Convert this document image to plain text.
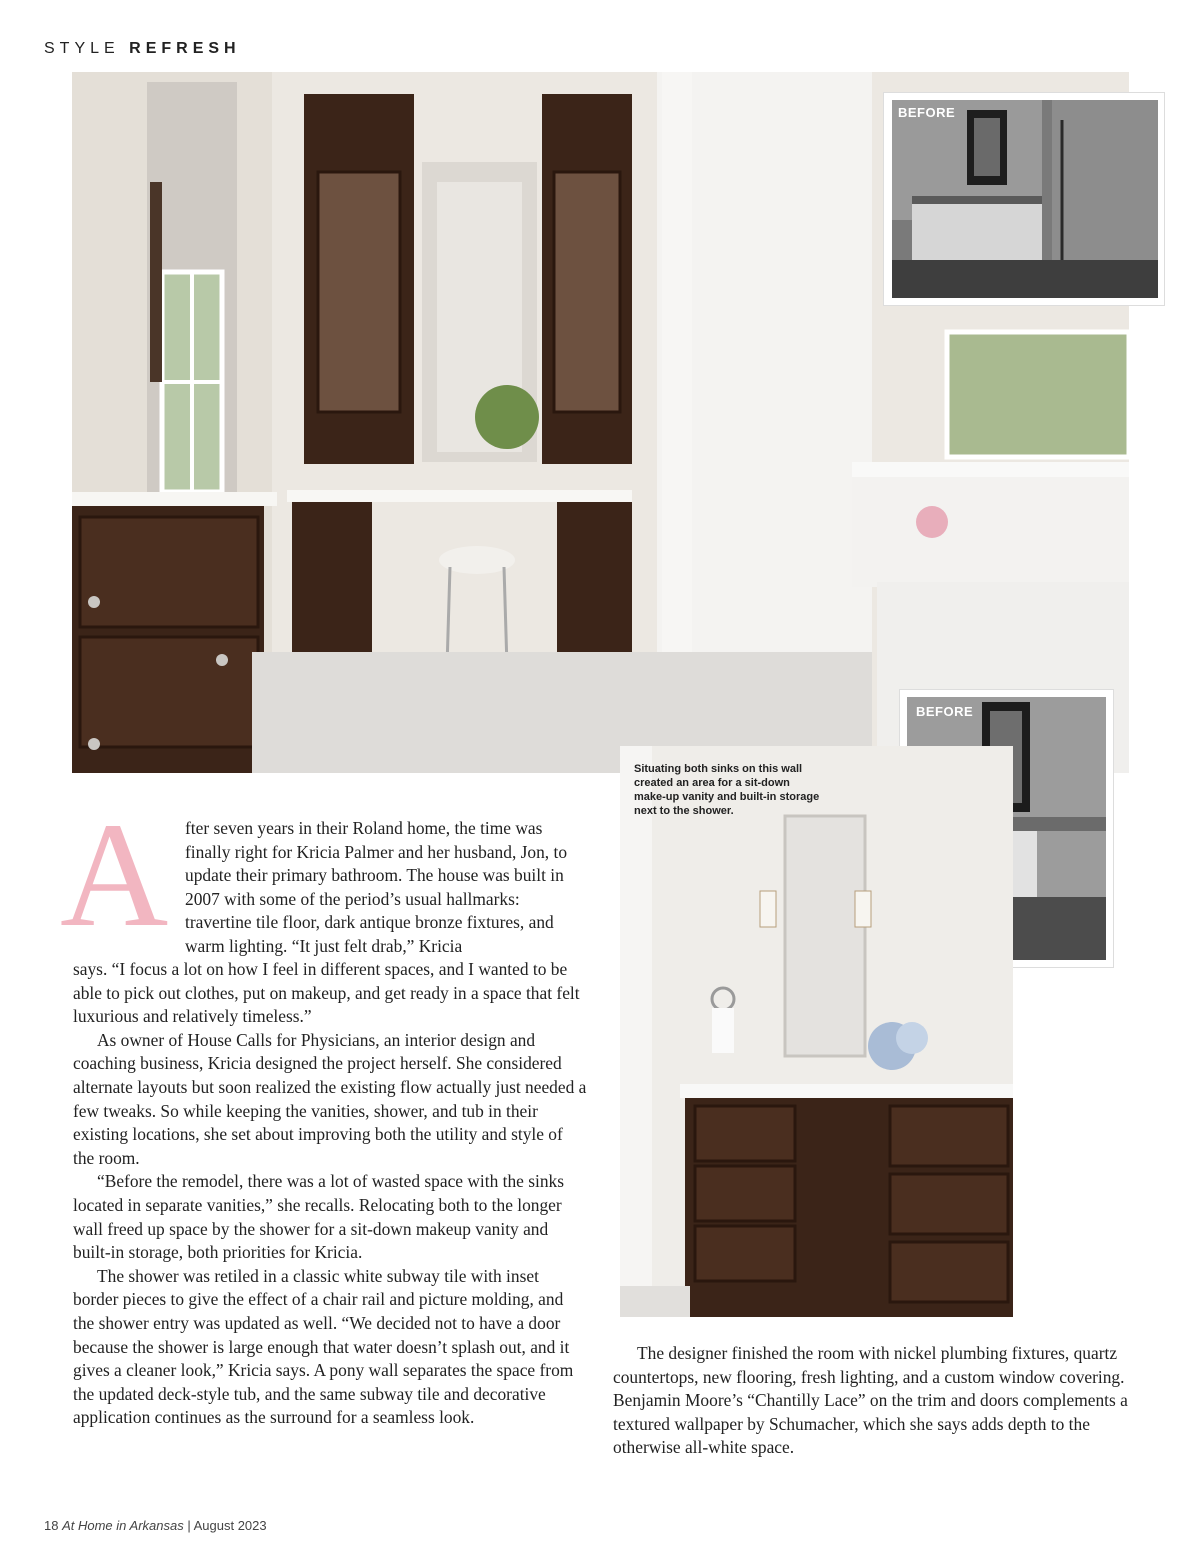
STYLE REFRESH
BEFORE
BEFORE
Situating both sinks on this wall created an area for a sit-down make-up vanity and built-in storage next to the shower.
A fter seven years in their Roland home, the time was finally right for Kricia Palmer and her husband, Jon, to update their primary bathroom. The house was built in 2007 with some of the period’s usual hallmarks: travertine tile floor, dark antique bronze fixtures, and warm lighting. “It just felt drab,” Kricia

says. “I focus a lot on how I feel in different spaces, and I wanted to be able to pick out clothes, put on makeup, and get ready in a space that felt luxurious and relatively timeless.”

As owner of House Calls for Physicians, an interior design and coaching business, Kricia designed the project herself. She considered alternate layouts but soon realized the existing flow actually just needed a few tweaks. So while keeping the vanities, shower, and tub in their existing locations, she set about improving both the utility and style of the room.

“Before the remodel, there was a lot of wasted space with the sinks located in separate vanities,” she recalls. Relocating both to the longer wall freed up space by the shower for a sit-down makeup vanity and built-in storage, both priorities for Kricia.

The shower was retiled in a classic white subway tile with inset border pieces to give the effect of a chair rail and picture molding, and the shower entry was updated as well. “We decided not to have a door because the shower is large enough that water doesn’t splash out, and it gives a cleaner look,” Kricia says. A pony wall separates the space from the updated deck-style tub, and the same subway tile and decorative application continues as the surround for a seamless look.

The designer finished the room with nickel plumbing fixtures, quartz countertops, new flooring, fresh lighting, and a custom window covering. Benjamin Moore’s “Chantilly Lace” on the trim and doors complements a textured wallpaper by Schumacher, which she says adds depth to the otherwise all-white space.

18 At Home in Arkansas | August 2023
